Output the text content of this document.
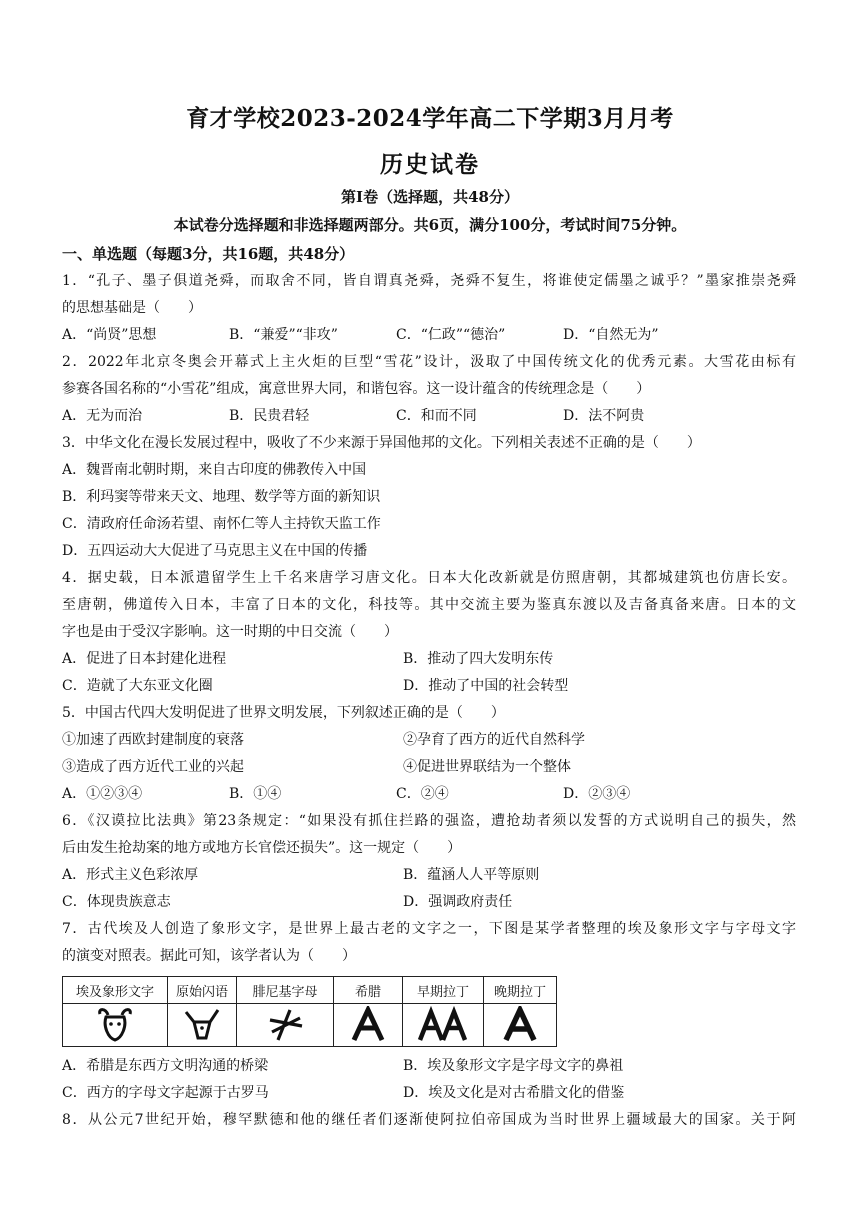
育才学校2023-2024学年高二下学期3月月考
历史试卷
第Ⅰ卷（选择题，共48分）
本试卷分选择题和非选择题两部分。共6页，满分100分，考试时间75分钟。
一、单选题（每题3分，共16题，共48分）
1．“孔子、墨子俱道尧舜，而取舍不同，皆自谓真尧舜，尧舜不复生，将谁使定儒墨之诚乎？”墨家推崇尧舜
的思想基础是（　　）
A．“尚贤”思想	B．“兼爱”“非攻”	C．“仁政”“德治”	D．“自然无为”
2．2022年北京冬奥会开幕式上主火炬的巨型“雪花”设计，汲取了中国传统文化的优秀元素。大雪花由标有
参赛各国名称的“小雪花”组成，寓意世界大同，和谐包容。这一设计蕴含的传统理念是（　　）
A．无为而治	B．民贵君轻	C．和而不同	D．法不阿贵
3．中华文化在漫长发展过程中，吸收了不少来源于异国他邦的文化。下列相关表述不正确的是（　　）
A．魏晋南北朝时期，来自古印度的佛教传入中国
B．利玛窦等带来天文、地理、数学等方面的新知识
C．清政府任命汤若望、南怀仁等人主持钦天监工作
D．五四运动大大促进了马克思主义在中国的传播
4．据史载，日本派遣留学生上千名来唐学习唐文化。日本大化改新就是仿照唐朝，其都城建筑也仿唐长安。
至唐朝，佛道传入日本，丰富了日本的文化，科技等。其中交流主要为鉴真东渡以及吉备真备来唐。日本的文
字也是由于受汉字影响。这一时期的中日交流（　　）
A．促进了日本封建化进程	B．推动了四大发明东传
C．造就了大东亚文化圈	D．推动了中国的社会转型
5．中国古代四大发明促进了世界文明发展，下列叙述正确的是（　　）
①加速了西欧封建制度的衰落	②孕育了西方的近代自然科学
③造成了西方近代工业的兴起	④促进世界联结为一个整体
A．①②③④	B．①④	C．②④	D．②③④
6．《汉谟拉比法典》第23条规定：“如果没有抓住拦路的强盗，遭抢劫者须以发誓的方式说明自己的损失，然
后由发生抢劫案的地方或地方长官偿还损失”。这一规定（　　）
A．形式主义色彩浓厚	B．蕴涵人人平等原则
C．体现贵族意志	D．强调政府责任
7．古代埃及人创造了象形文字，是世界上最古老的文字之一，下图是某学者整理的埃及象形文字与字母文字
的演变对照表。据此可知，该学者认为（　　）
埃及象形文字	原始闪语	腓尼基字母	希腊	早期拉丁	晚期拉丁

A．希腊是东西方文明沟通的桥梁	B．埃及象形文字是字母文字的鼻祖
C．西方的字母文字起源于古罗马	D．埃及文化是对古希腊文化的借鉴
8．从公元7世纪开始，穆罕默德和他的继任者们逐渐使阿拉伯帝国成为当时世界上疆域最大的国家。关于阿
